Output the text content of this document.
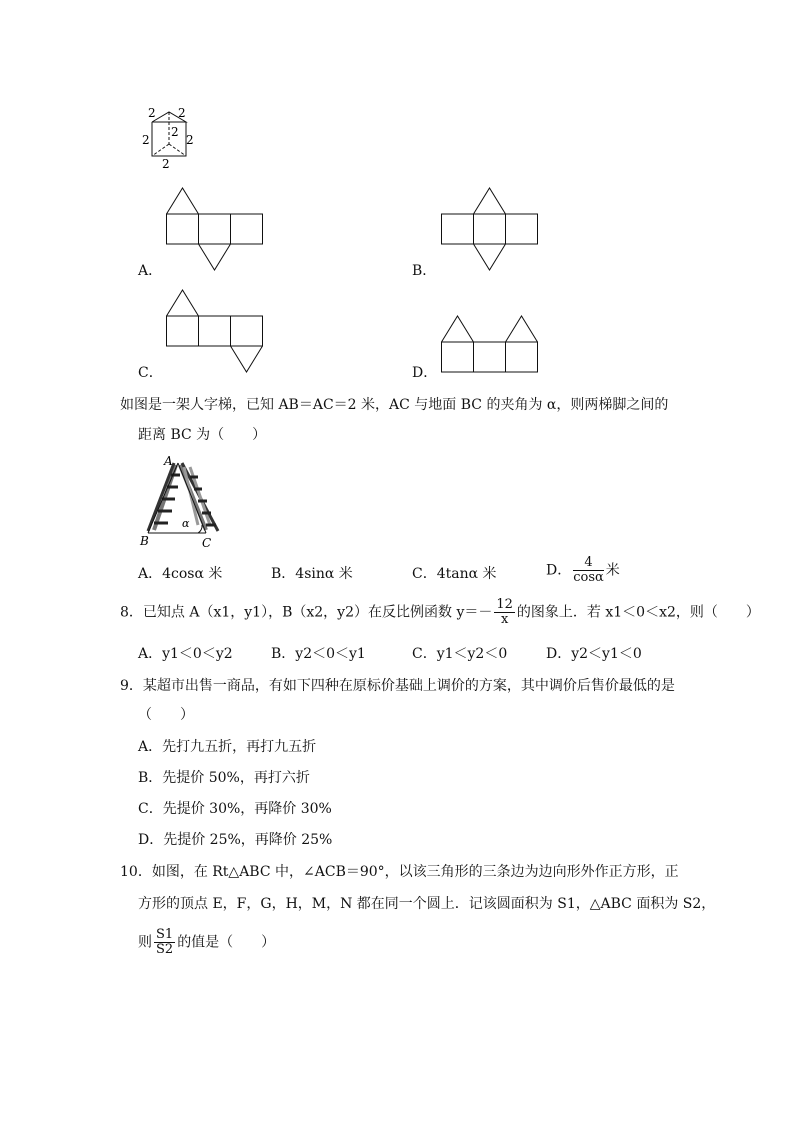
2 2
2
2
2
2
A．	B．
C．	D．
如图是一架人字梯，已知 AB＝AC＝2 米，AC 与地面 BC 的夹角为 α，则两梯脚之间的
距离 BC 为（　　）
A
B	C
α
A．4cosα 米	B．4sinα 米	C．4tanα 米	D． $\frac{4}{\cos\alpha}$ 米
8．已知点 A（x1，y1），B（x2，y2）在反比例函数 $y=- \frac{12}{x}$ 的图象上．若 x1＜0＜x2，则（　　）
A．y1＜0＜y2	B．y2＜0＜y1	C．y1＜y2＜0	D．y2＜y1＜0
9．某超市出售一商品，有如下四种在原标价基础上调价的方案，其中调价后售价最低的是
（　　）
A．先打九五折，再打九五折
B．先提价 50%，再打六折
C．先提价 30%，再降价 30%
D．先提价 25%，再降价 25%
10．如图，在 Rt△ABC 中，∠ACB＝90°，以该三角形的三条边为边向形外作正方形，正
方形的顶点 E，F，G，H，M，N 都在同一个圆上．记该圆面积为 S1，△ABC 面积为 S2，
则 $\frac{S1}{S2}$ 的值是（　　）
